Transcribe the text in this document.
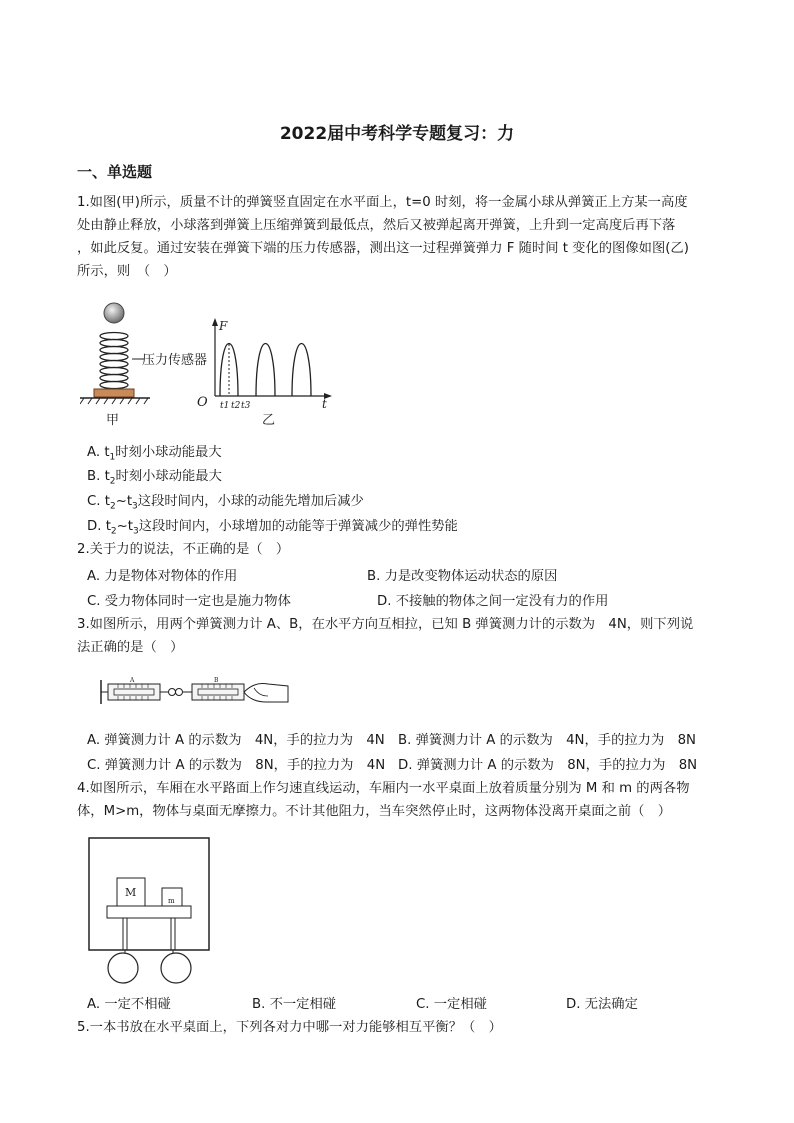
2022届中考科学专题复习：力
一、单选题
1.如图(甲)所示，质量不计的弹簧竖直固定在水平面上，t=0 时刻，将一金属小球从弹簧正上方某一高度
处由静止释放，小球落到弹簧上压缩弹簧到最低点，然后又被弹起离开弹簧，上升到一定高度后再下落
，如此反复。通过安装在弹簧下端的压力传感器，测出这一过程弹簧弹力 F 随时间 t 变化的图像如图(乙)
所示，则　（　）
压力传感器
甲
F
t
O t1 t2 t3
乙
A. $t_1$时刻小球动能最大
B. $t_2$时刻小球动能最大
C. $t_2\sim t_3$这段时间内，小球的动能先增加后减少
D. $t_2\sim t_3$这段时间内，小球增加的动能等于弹簧减少的弹性势能
2.关于力的说法，不正确的是（　）
A. 力是物体对物体的作用	B. 力是改变物体运动状态的原因
C. 受力物体同时一定也是施力物体	D. 不接触的物体之间一定没有力的作用
3.如图所示，用两个弹簧测力计 A、B，在水平方向互相拉，已知 B 弹簧测力计的示数为　4N，则下列说
法正确的是（　）
A	B
A. 弹簧测力计 A 的示数为　4N，手的拉力为　4N B. 弹簧测力计 A 的示数为　4N，手的拉力为　8N
C. 弹簧测力计 A 的示数为　8N，手的拉力为　4N D. 弹簧测力计 A 的示数为　8N，手的拉力为　8N
4.如图所示，车厢在水平路面上作匀速直线运动，车厢内一水平桌面上放着质量分别为 M 和 m 的两各物
体，M>m，物体与桌面无摩擦力。不计其他阻力，当车突然停止时，这两物体没离开桌面之前（　）
M
m
A. 一定不相碰	B. 不一定相碰	C. 一定相碰	D. 无法确定
5.一本书放在水平桌面上，下列各对力中哪一对力能够相互平衡？（　）
